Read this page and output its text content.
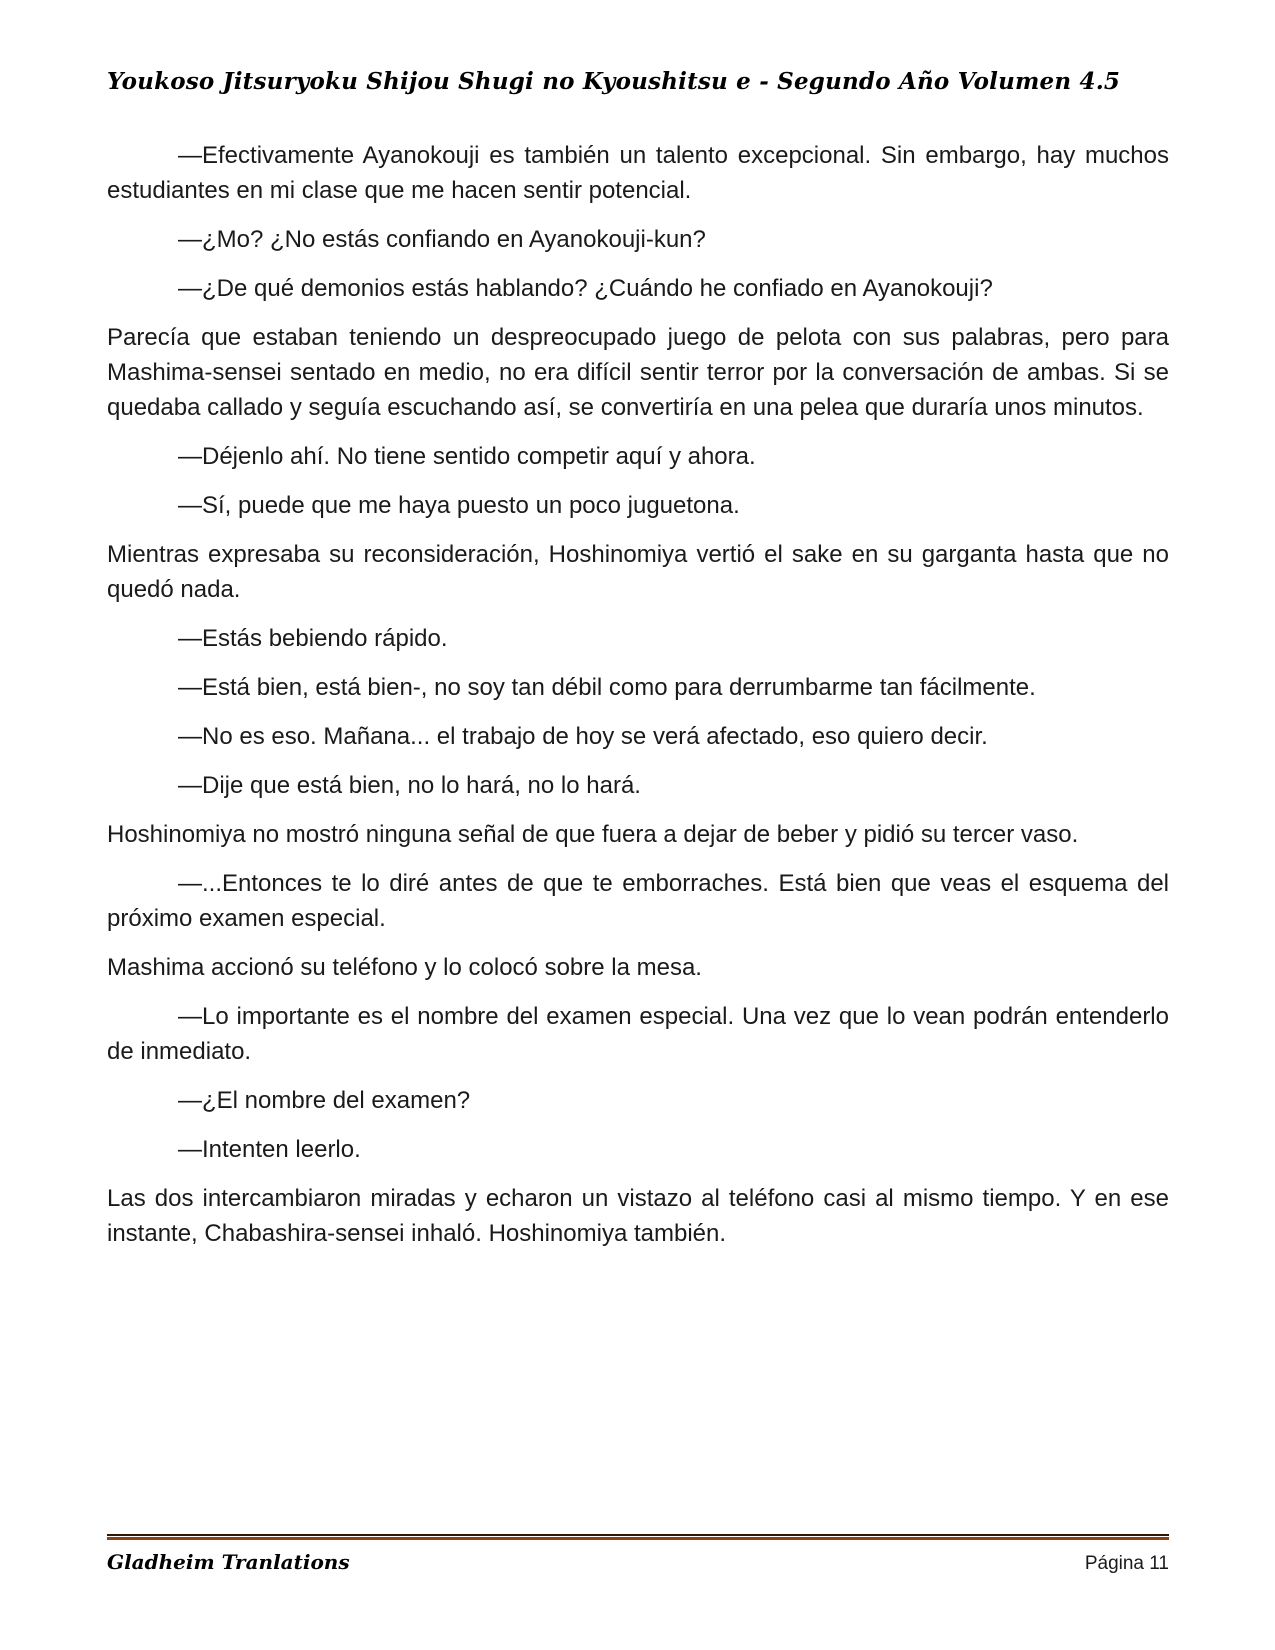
Youkoso Jitsuryoku Shijou Shugi no Kyoushitsu e - Segundo Año Volumen 4.5

—Efectivamente Ayanokouji es también un talento excepcional. Sin embargo, hay muchos estudiantes en mi clase que me hacen sentir potencial.

—¿Mo? ¿No estás confiando en Ayanokouji-kun?

—¿De qué demonios estás hablando? ¿Cuándo he confiado en Ayanokouji?

Parecía que estaban teniendo un despreocupado juego de pelota con sus palabras, pero para Mashima-sensei sentado en medio, no era difícil sentir terror por la conversación de ambas. Si se quedaba callado y seguía escuchando así, se convertiría en una pelea que duraría unos minutos.

—Déjenlo ahí. No tiene sentido competir aquí y ahora.

—Sí, puede que me haya puesto un poco juguetona.

Mientras expresaba su reconsideración, Hoshinomiya vertió el sake en su garganta hasta que no quedó nada.

—Estás bebiendo rápido.

—Está bien, está bien-, no soy tan débil como para derrumbarme tan fácilmente.

—No es eso. Mañana... el trabajo de hoy se verá afectado, eso quiero decir.

—Dije que está bien, no lo hará, no lo hará.

Hoshinomiya no mostró ninguna señal de que fuera a dejar de beber y pidió su tercer vaso.

—...Entonces te lo diré antes de que te emborraches. Está bien que veas el esquema del próximo examen especial.

Mashima accionó su teléfono y lo colocó sobre la mesa.

—Lo importante es el nombre del examen especial. Una vez que lo vean podrán entenderlo de inmediato.

—¿El nombre del examen?

—Intenten leerlo.

Las dos intercambiaron miradas y echaron un vistazo al teléfono casi al mismo tiempo. Y en ese instante, Chabashira-sensei inhaló. Hoshinomiya también.

Gladheim Tranlations	Página 11
